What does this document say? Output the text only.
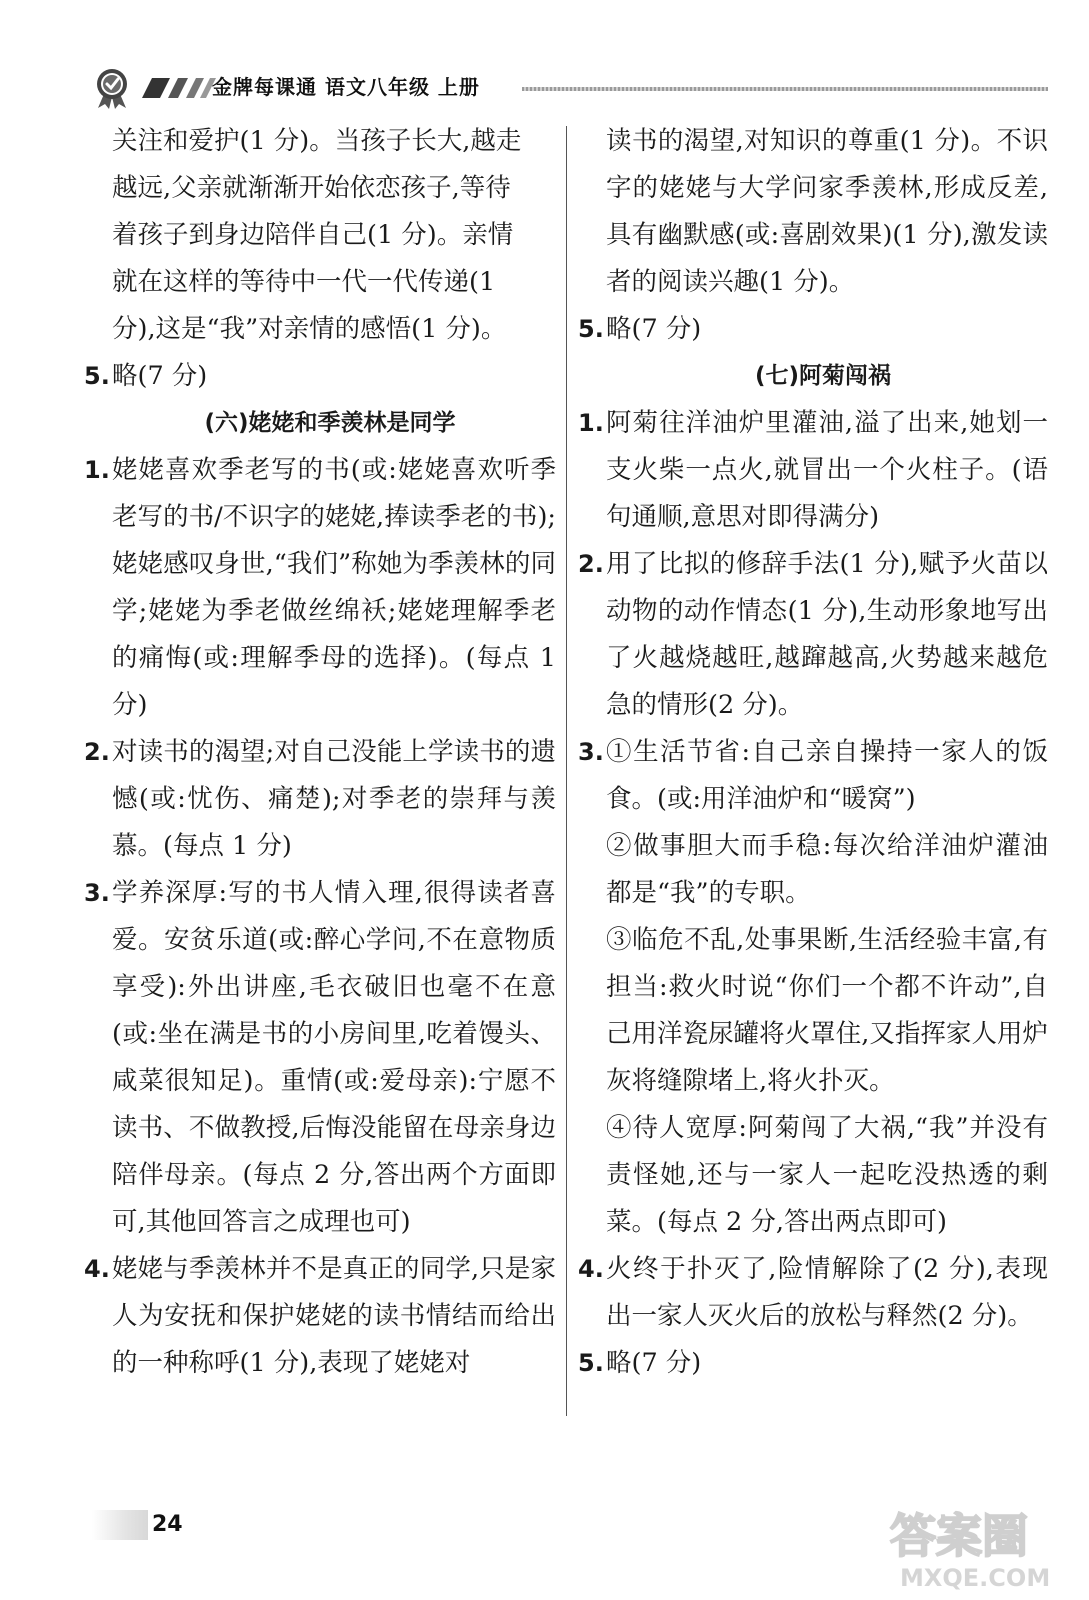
金牌每课通 语文八年级 上册
关注和爱护(1 分)。当孩子长大,越走
越远,父亲就渐渐开始依恋孩子,等待
着孩子到身边陪伴自己(1 分)。亲情
就在这样的等待中一代一代传递(1
分),这是“我”对亲情的感悟(1 分)。
5. 略(7 分)
(六)姥姥和季羡林是同学
1. 姥姥喜欢季老写的书(或:姥姥喜欢听季老写的书/不识字的姥姥,捧读季老的书);姥姥感叹身世,“我们”称她为季羡林的同学;姥姥为季老做丝绵袄;姥姥理解季老的痛悔(或:理解季母的选择)。(每点 1 分)
2. 对读书的渴望;对自己没能上学读书的遗憾(或:忧伤、痛楚);对季老的崇拜与羡慕。(每点 1 分)
3. 学养深厚:写的书人情入理,很得读者喜爱。安贫乐道(或:醉心学问,不在意物质享受):外出讲座,毛衣破旧也毫不在意(或:坐在满是书的小房间里,吃着馒头、咸菜很知足)。重情(或:爱母亲):宁愿不读书、不做教授,后悔没能留在母亲身边陪伴母亲。(每点 2 分,答出两个方面即可,其他回答言之成理也可)
4. 姥姥与季羡林并不是真正的同学,只是家人为安抚和保护姥姥的读书情结而给出的一种称呼(1 分),表现了姥姥对
读书的渴望,对知识的尊重(1 分)。不识字的姥姥与大学问家季羡林,形成反差,具有幽默感(或:喜剧效果)(1 分),激发读者的阅读兴趣(1 分)。
5. 略(7 分)
(七)阿菊闯祸
1. 阿菊往洋油炉里灌油,溢了出来,她划一支火柴一点火,就冒出一个火柱子。(语句通顺,意思对即得满分)
2. 用了比拟的修辞手法(1 分),赋予火苗以动物的动作情态(1 分),生动形象地写出了火越烧越旺,越蹿越高,火势越来越危急的情形(2 分)。
3. ①生活节省:自己亲自操持一家人的饭食。(或:用洋油炉和“暖窝”)
②做事胆大而手稳:每次给洋油炉灌油都是“我”的专职。
③临危不乱,处事果断,生活经验丰富,有担当:救火时说“你们一个都不许动”,自己用洋瓷尿罐将火罩住,又指挥家人用炉灰将缝隙堵上,将火扑灭。
④待人宽厚:阿菊闯了大祸,“我”并没有责怪她,还与一家人一起吃没热透的剩菜。(每点 2 分,答出两点即可)
4. 火终于扑灭了,险情解除了(2 分),表现出一家人灭火后的放松与释然(2 分)。
5. 略(7 分)
24	答案圈
MXQE.COM
